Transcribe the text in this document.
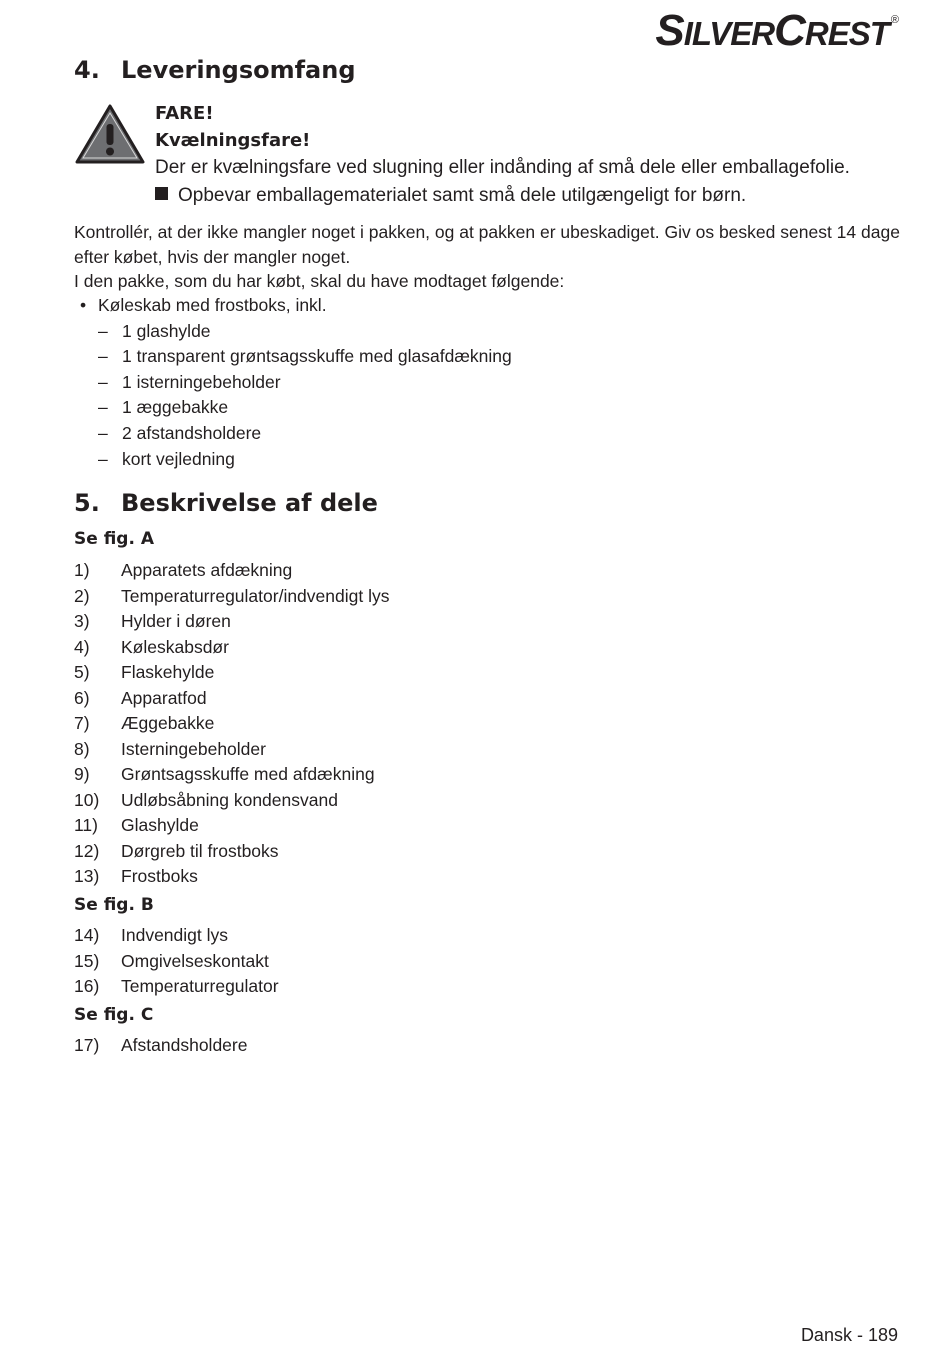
SILVERCREST ®
4. Leveringsomfang
FARE!
Kvælningsfare!
Der er kvælningsfare ved slugning eller indånding af små dele eller emballagefolie.
Opbevar emballagematerialet samt små dele utilgængeligt for børn.
Kontrollér, at der ikke mangler noget i pakken, og at pakken er ubeskadiget. Giv os besked senest 14 dage efter købet, hvis der mangler noget.
I den pakke, som du har købt, skal du have modtaget følgende:
• Køleskab med frostboks, inkl.
– 1 glashylde
– 1 transparent grøntsagsskuffe med glasafdækning
– 1 isterningebeholder
– 1 æggebakke
– 2 afstandsholdere
– kort vejledning
5. Beskrivelse af dele
Se fig. A
1) Apparatets afdækning
2) Temperaturregulator/indvendigt lys
3) Hylder i døren
4) Køleskabsdør
5) Flaskehylde
6) Apparatfod
7) Æggebakke
8) Isterningebeholder
9) Grøntsagsskuffe med afdækning
10) Udløbsåbning kondensvand
11) Glashylde
12) Dørgreb til frostboks
13) Frostboks
Se fig. B
14) Indvendigt lys
15) Omgivelseskontakt
16) Temperaturregulator
Se fig. C
17) Afstandsholdere
Dansk - 189
